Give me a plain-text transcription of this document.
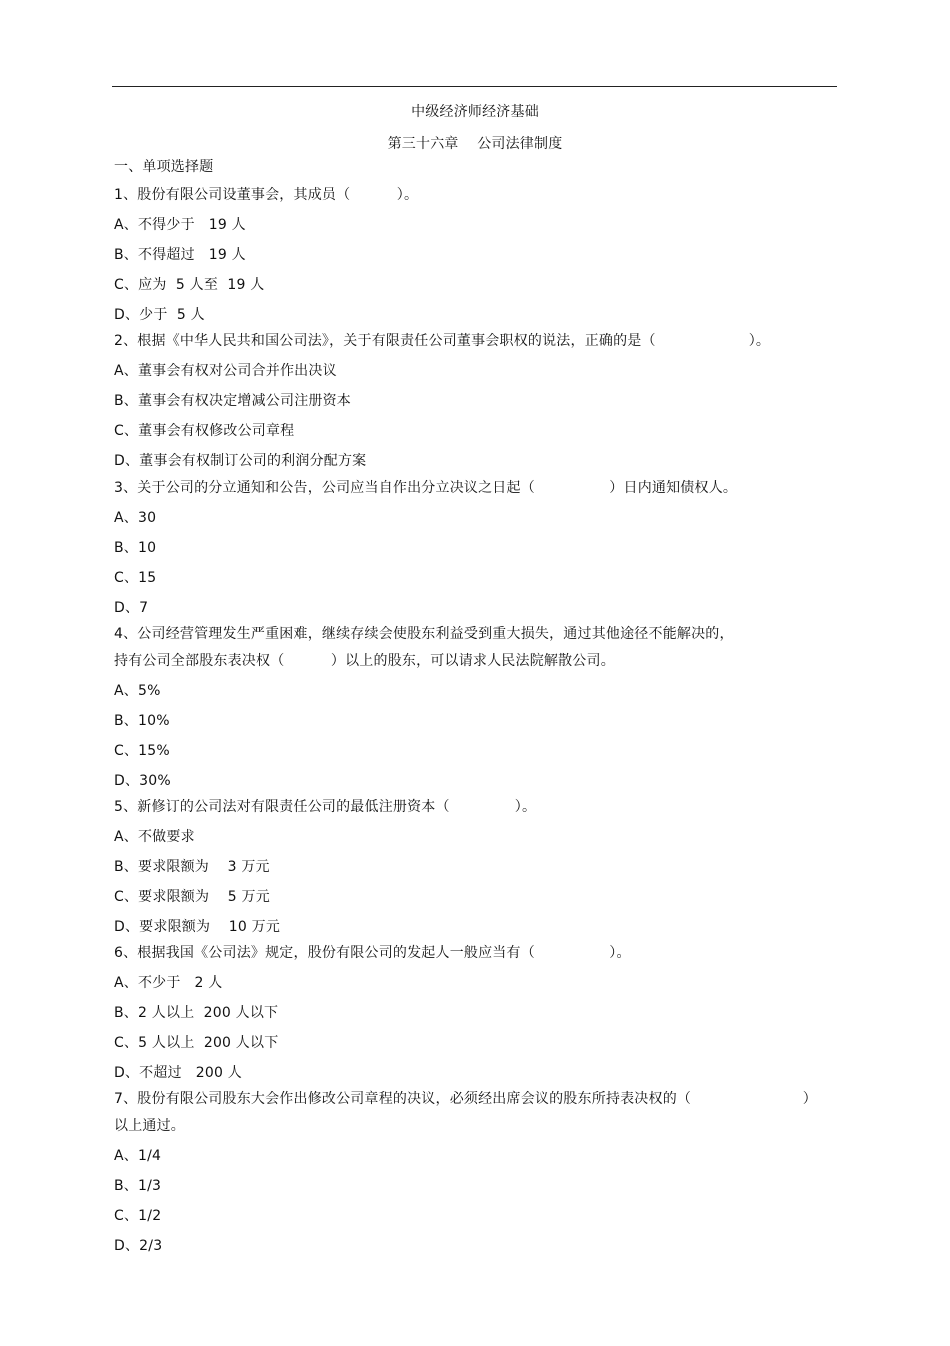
中级经济师经济基础
第三十六章    公司法律制度
一、单项选择题
1、股份有限公司设董事会，其成员（          ）。
A、不得少于   19 人
B、不得超过   19 人
C、应为  5 人至  19 人
D、少于  5 人
2、根据《中华人民共和国公司法》，关于有限责任公司董事会职权的说法，正确的是（                    ）。
A、董事会有权对公司合并作出决议
B、董事会有权决定增减公司注册资本
C、董事会有权修改公司章程
D、董事会有权制订公司的利润分配方案
3、关于公司的分立通知和公告，公司应当自作出分立决议之日起（                ）日内通知债权人。
A、30
B、10
C、15
D、7
4、公司经营管理发生严重困难，继续存续会使股东利益受到重大损失，通过其他途径不能解决的，
持有公司全部股东表决权（          ）以上的股东，可以请求人民法院解散公司。
A、5%
B、10%
C、15%
D、30%
5、新修订的公司法对有限责任公司的最低注册资本（              ）。
A、不做要求
B、要求限额为    3 万元
C、要求限额为    5 万元
D、要求限额为    10 万元
6、根据我国《公司法》规定，股份有限公司的发起人一般应当有（                ）。
A、不少于   2 人
B、2 人以上  200 人以下
C、5 人以上  200 人以下
D、不超过   200 人
7、股份有限公司股东大会作出修改公司章程的决议，必须经出席会议的股东所持表决权的（                        ）
以上通过。
A、1/4
B、1/3
C、1/2
D、2/3
